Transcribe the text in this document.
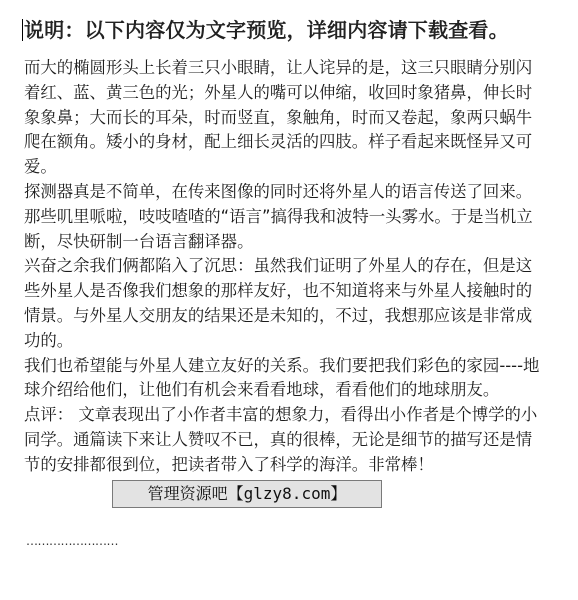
说明：以下内容仅为文字预览，详细内容请下载查看。

而大的椭圆形头上长着三只小眼睛，让人诧异的是，这三只眼睛分别闪着红、蓝、黄三色的光；外星人的嘴可以伸缩，收回时象猪鼻，伸长时象象鼻；大而长的耳朵，时而竖直，象触角，时而又卷起，象两只蜗牛爬在额角。矮小的身材，配上细长灵活的四肢。样子看起来既怪异又可爱。

探测器真是不简单，在传来图像的同时还将外星人的语言传送了回来。那些叽里哌啦，吱吱喳喳的“语言”搞得我和波特一头雾水。于是当机立断，尽快研制一台语言翻译器。

兴奋之余我们俩都陷入了沉思：虽然我们证明了外星人的存在，但是这些外星人是否像我们想象的那样友好，也不知道将来与外星人接触时的情景。与外星人交朋友的结果还是未知的，不过，我想那应该是非常成功的。

我们也希望能与外星人建立友好的关系。我们要把我们彩色的家园----地球介绍给他们，让他们有机会来看看地球，看看他们的地球朋友。

点评： 文章表现出了小作者丰富的想象力，看得出小作者是个博学的小同学。通篇读下来让人赞叹不已，真的很棒，无论是细节的描写还是情节的安排都很到位，把读者带入了科学的海洋。非常棒！

……………………
管理资源吧【glzy8.com】
